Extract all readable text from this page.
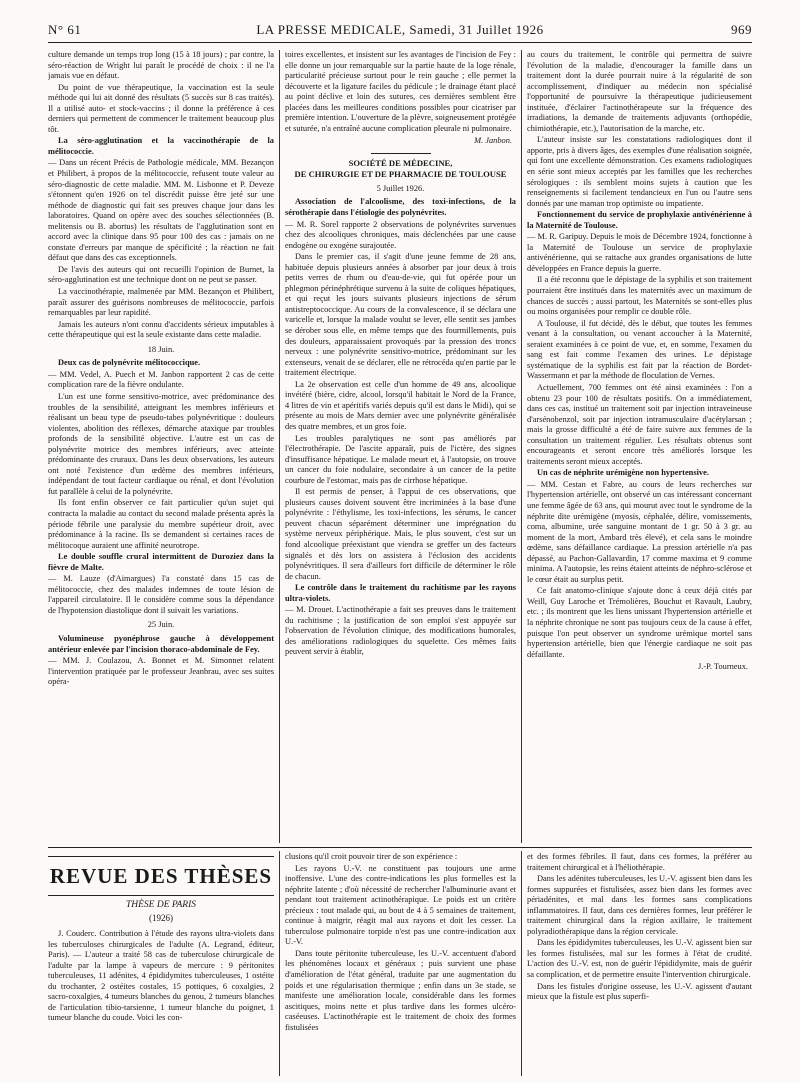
N° 61	LA PRESSE MEDICALE, Samedi, 31 Juillet 1926	969

culture demande un temps trop long (15 à 18 jours) ; par contre, la séro-réaction de Wright lui paraît le procédé de choix : il ne l'a jamais vue en défaut.

Du point de vue thérapeutique, la vaccination est la seule méthode qui lui ait donné des résultats (5 succès sur 8 cas traités). Il a utilisé auto- et stock-vaccins ; il donne la préférence à ces derniers qui permettent de commencer le traitement beaucoup plus tôt.

La séro-agglutination et la vaccinothérapie de la mélitococcie.

— Dans un récent Précis de Pathologie médicale, MM. Bezançon et Philibert, à propos de la mélitococcie, refusent toute valeur au séro-diagnostic de cette maladie. MM. M. Lisbonne et P. Deveze s'étonnent qu'en 1926 on tel discrédit puisse être jeté sur une méthode de diagnostic qui fait ses preuves chaque jour dans les laboratoires. Quand on opère avec des souches sélectionnées (B. melitensis ou B. abortus) les résultats de l'agglutination sont en accord avec la clinique dans 95 pour 100 des cas : jamais on ne constate d'erreurs par manque de spécificité ; la réaction ne fait défaut que dans des cas exceptionnels.

De l'avis des auteurs qui ont recueilli l'opinion de Burnet, la séro-agglutination est une technique dont on ne peut se passer.

La vaccinothérapie, malmenée par MM. Bezançon et Philibert, paraît assurer des guérisons nombreuses de mélitococcie, parfois remarquables par leur rapidité.

Jamais les auteurs n'ont connu d'accidents sérieux imputables à cette thérapeutique qui est la seule existante dans cette maladie.

18 Juin.

Deux cas de polynévrite mélitococcique.

— MM. Vedel, A. Puech et M. Janbon rapportent 2 cas de cette complication rare de la fièvre ondulante.

L'un est une forme sensitivo-motrice, avec prédominance des troubles de la sensibilité, atteignant les membres inférieurs et réalisant un beau type de pseudo-tabes polynévritique : douleurs violentes, abolition des réflexes, démarche ataxique par troubles profonds de la sensibilité objective. L'autre est un cas de polynévrite motrice des membres inférieurs, avec atteinte prédominante des cruraux. Dans les deux observations, les auteurs ont noté l'existence d'un œdème des membres inférieurs, indépendant de tout facteur cardiaque ou rénal, et dont l'évolution fut parallèle à celui de la polynévrite.

Ils font enfin observer ce fait particulier qu'un sujet qui contracta la maladie au contact du second malade présenta après la période fébrile une paralysie du membre supérieur droit, avec prédominance à la racine. Ils se demandent si certaines races de mélitocoque auraient une affinité neurotrope.

Le double souffle crural intermittent de Duroziez dans la fièvre de Malte.

— M. Lauze (d'Aimargues) l'a constaté dans 15 cas de mélitococcie, chez des malades indemnes de toute lésion de l'appareil circulatoire. Il le considère comme sous la dépendance de l'hypotension diastolique dont il suivait les variations.

25 Juin.

Volumineuse pyonéphrose gauche à développement antérieur enlevée par l'incision thoraco-abdominale de Fey.

— MM. J. Coulazou, A. Bonnet et M. Simonnet relatent l'intervention pratiquée par le professeur Jeanbrau, avec ses suites opéra-

toires excellentes, et insistent sur les avantages de l'incision de Fey : elle donne un jour remarquable sur la partie haute de la loge rénale, particularité précieuse surtout pour le rein gauche ; elle permet la découverte et la ligature faciles du pédicule ; le drainage étant placé au point déclive et loin des sutures, ces dernières semblent être placées dans les meilleures conditions possibles pour cicatriser par première intention. L'ouverture de la plèvre, soigneusement protégée et suturée, n'a entraîné aucune complication pleurale ni pulmonaire.

M. Janbon.

SOCIÉTÉ DE MÉDECINE,
DE CHIRURGIE ET DE PHARMACIE DE TOULOUSE

5 Juillet 1926.

Association de l'alcoolisme, des toxi-infections, de la sérothérapie dans l'étiologie des polynévrites.

— M. R. Sorel rapporte 2 observations de polynévrites survenues chez des alcooliques chroniques, mais déclenchées par une cause endogène ou exogène surajoutée.

Dans le premier cas, il s'agit d'une jeune femme de 28 ans, habituée depuis plusieurs années à absorber par jour deux à trois petits verres de rhum ou d'eau-de-vie, qui fut opérée pour un phlegmon périnéphrétique survenu à la suite de coliques hépatiques, et qui reçut les jours suivants plusieurs injections de sérum antistreptococcique. Au cours de la convalescence, il se déclara une varicelle et, lorsque la malade voulut se lever, elle sentit ses jambes se dérober sous elle, en même temps que des fourmillements, puis des douleurs, apparaissaient provoqués par la pression des troncs nerveux : une polynévrite sensitivo-motrice, prédominant sur les extenseurs, venait de se déclarer, elle ne rétrocéda qu'en partie par le traitement électrique.

La 2e observation est celle d'un homme de 49 ans, alcoolique invétéré (bière, cidre, alcool, lorsqu'il habitait le Nord de la France, 4 litres de vin et apéritifs variés depuis qu'il est dans le Midi), qui se présente au mois de Mars dernier avec une polynévrite généralisée des quatre membres, et un gros foie.

Les troubles paralytiques ne sont pas améliorés par l'électrothérapie. De l'ascite apparaît, puis de l'ictère, des signes d'insuffisance hépatique. Le malade meurt et, à l'autopsie, on trouve un cancer du foie nodulaire, secondaire à un cancer de la petite courbure de l'estomac, mais pas de cirrhose hépatique.

Il est permis de penser, à l'appui de ces observations, que plusieurs causes doivent souvent être incriminées à la base d'une polynévrite : l'éthylisme, les toxi-infections, les sérums, le cancer peuvent chacun séparément déterminer une imprégnation du système nerveux périphérique. Mais, le plus souvent, c'est sur un fond alcoolique préexistant que viendra se greffer un des facteurs signalés et dès lors on assistera à l'éclosion des accidents polynévritiques. Il sera d'ailleurs fort difficile de déterminer le rôle de chacun.

Le contrôle dans le traitement du rachitisme par les rayons ultra-violets.

— M. Drouet. L'actinothérapie a fait ses preuves dans le traitement du rachitisme ; la justification de son emploi s'est appuyée sur l'observation de l'évolution clinique, des modifications humorales, des améliorations radiologiques du squelette. Ces mêmes faits peuvent servir à établir,

au cours du traitement, le contrôle qui permettra de suivre l'évolution de la maladie, d'encourager la famille dans un traitement dont la durée pourrait nuire à la régularité de son accomplissement, d'indiquer au médecin non spécialisé l'opportunité de poursuivre la thérapeutique judicieusement instituée, d'éclairer l'actinothérapeute sur la fréquence des irradiations, la demande de traitements adjuvants (orthopédie, chimiothérapie, etc.), l'autorisation de la marche, etc.

L'auteur insiste sur les constatations radiologiques dont il apporte, pris à divers âges, des exemples d'une réalisation soignée, qui font une excellente démonstration. Ces examens radiologiques en série sont mieux acceptés par les familles que les recherches sérologiques : ils semblent moins sujets à caution que les renseignements si facilement tendancieux en l'un ou l'autre sens donnés par une maman trop optimiste ou impatiente.

Fonctionnement du service de prophylaxie antivénérienne à la Maternité de Toulouse.

— M. R. Garipuy. Depuis le mois de Décembre 1924, fonctionne à la Maternité de Toulouse un service de prophylaxie antivénérienne, qui se rattache aux grandes organisations de lutte développées en France depuis la guerre.

Il a été reconnu que le dépistage de la syphilis et son traitement pourraient être institués dans les maternités avec un maximum de chances de succès ; aussi partout, les Maternités se sont-elles plus ou moins organisées pour remplir ce double rôle.

A Toulouse, il fut décidé, dès le début, que toutes les femmes venant à la consultation, ou venant accoucher à la Maternité, seraient examinées à ce point de vue, et, en somme, l'examen du sang est fait comme l'examen des urines. Le dépistage systématique de la syphilis est fait par la réaction de Bordet-Wassermann et par la méthode de floculation de Vernes.

Actuellement, 700 femmes ont été ainsi examinées : l'on a obtenu 23 pour 100 de résultats positifs. On a immédiatement, dans ces cas, institué un traitement soit par injection intraveineuse d'arsénobenzol, soit par injection intramusculaire d'acétylarsan ; mais la grosse difficulté a été de faire suivre aux femmes de la consultation un traitement régulier. Les résultats obtenus sont encourageants et seront encore très améliorés lorsque les traitements seront mieux acceptés.

Un cas de néphrite urémigène non hypertensive.

— MM. Cestan et Fabre, au cours de leurs recherches sur l'hypertension artérielle, ont observé un cas intéressant concernant une femme âgée de 63 ans, qui mourut avec tout le syndrome de la néphrite dite urémigène (myosis, céphalée, délire, vomissements, coma, albumine, urée sanguine montant de 1 gr. 50 à 3 gr. au moment de la mort, Ambard très élevé), et cela sans le moindre œdème, sans défaillance cardiaque. La pression artérielle n'a pas dépassé, au Pachon-Gallavardin, 17 comme maxima et 9 comme minima. A l'autopsie, les reins étaient atteints de néphro-sclérose et le cœur était au surplus petit.

Ce fait anatomo-clinique s'ajoute donc à ceux déjà cités par Weill, Guy Laroche et Trémolières, Bouchut et Ravault, Laubry, etc. ; ils montrent que les liens unissant l'hypertension artérielle et la néphrite chronique ne sont pas toujours ceux de la cause à effet, puisque l'on peut observer un syndrome urémique mortel sans hypertension artérielle, bien que l'énergie cardiaque ne soit pas défaillante.

J.-P. Tourneux.

REVUE DES THÈSES
THÈSE DE PARIS
(1926)

J. Couderc. Contribution à l'étude des rayons ultra-violets dans les tuberculoses chirurgicales de l'adulte (A. Legrand, éditeur, Paris). — L'auteur a traité 58 cas de tuberculose chirurgicale de l'adulte par la lampe à vapeurs de mercure : 9 péritonites tuberculeuses, 11 adénites, 4 épididymites tuberculeuses, 1 ostéite du trochanter, 2 ostéites costales, 15 pottiques, 6 coxalgies, 2 sacro-coxalgies, 4 tumeurs blanches du genou, 2 tumeurs blanches de l'articulation tibio-tarsienne, 1 tumeur blanche du poignet, 1 tumeur blanche du coude. Voici les con-

clusions qu'il croit pouvoir tirer de son expérience :

Les rayons U.-V. ne constituent pas toujours une arme inoffensive. L'une des contre-indications les plus formelles est la néphrite latente ; d'où nécessité de rechercher l'albuminurie avant et pendant tout traitement actinothérapique. Le poids est un critère précieux : tout malade qui, au bout de 4 à 5 semaines de traitement, continue à maigrir, réagit mal aux rayons et doit les cesser. La tuberculose pulmonaire torpide n'est pas une contre-indication aux U.-V.

Dans toute péritonite tuberculeuse, les U.-V. accentuent d'abord les phénomènes locaux et généraux ; puis survient une phase d'amélioration de l'état général, traduite par une augmentation du poids et une régularisation thermique ; enfin dans un 3e stade, se manifeste une amélioration locale, considérable dans les formes ascitiques, moins nette et plus tardive dans les formes ulcéro-caséeuses. L'actinothérapie est le traitement de choix des formes fistulisées

et des formes fébriles. Il faut, dans ces formes, la préférer au traitement chirurgical et à l'héliothérapie.

Dans les adénites tuberculeuses, les U.-V. agissent bien dans les formes suppurées et fistulisées, assez bien dans les formes avec périadénites, et mal dans les formes sans complications inflammatoires. Il faut, dans ces dernières formes, leur préférer le traitement chirurgical dans la région axillaire, le traitement polyradiothérapique dans la région cervicale.

Dans les épididymites tuberculeuses, les U.-V. agissent bien sur les formes fistulisées, mal sur les formes à l'état de crudité. L'action des U.-V. est, non de guérir l'épididymite, mais de guérir sa complication, et de permettre ensuite l'intervention chirurgicale.

Dans les fistules d'origine osseuse, les U.-V. agissent d'autant mieux que la fistule est plus superfi-
